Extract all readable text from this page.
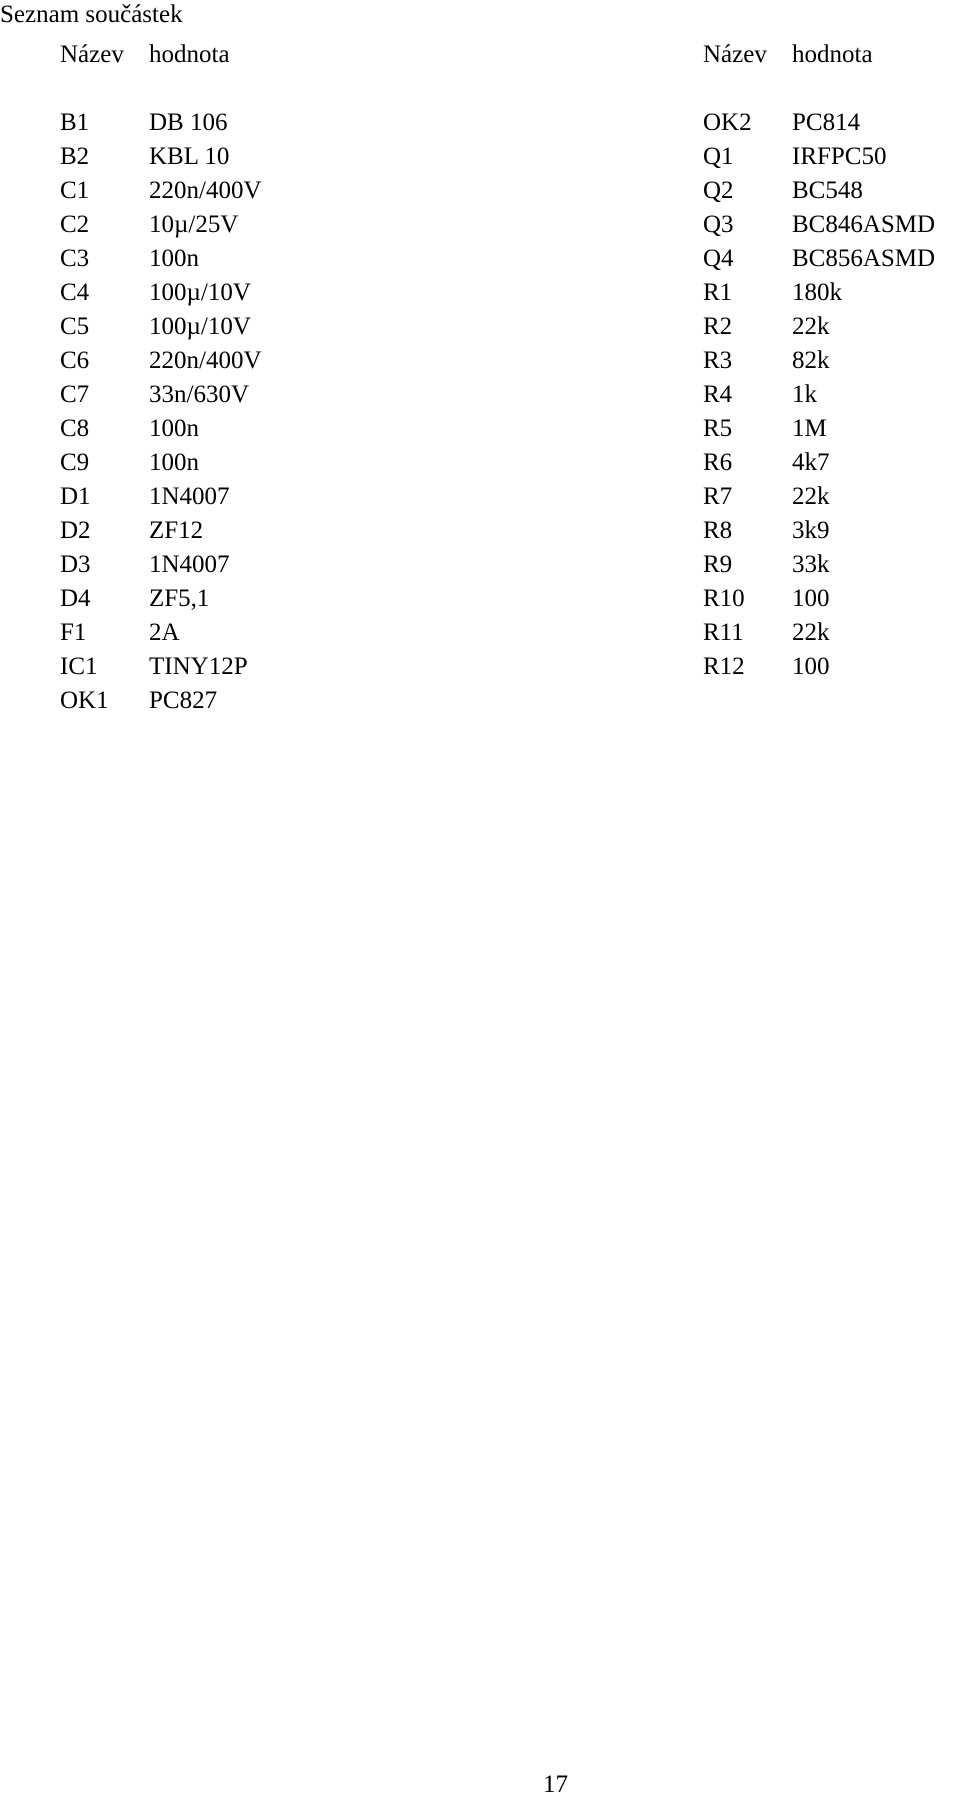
Seznam součástek
Název	hodnota
B1	DB 106
B2	KBL 10
C1	220n/400V
C2	10µ/25V
C3	100n
C4	100µ/10V
C5	100µ/10V
C6	220n/400V
C7	33n/630V
C8	100n
C9	100n
D1	1N4007
D2	ZF12
D3	1N4007
D4	ZF5,1
F1	2A
IC1	TINY12P
OK1	PC827
Název	hodnota
OK2	PC814
Q1	IRFPC50
Q2	BC548
Q3	BC846ASMD
Q4	BC856ASMD
R1	180k
R2	22k
R3	82k
R4	1k
R5	1M
R6	4k7
R7	22k
R8	3k9
R9	33k
R10	100
R11	22k
R12	100
17
